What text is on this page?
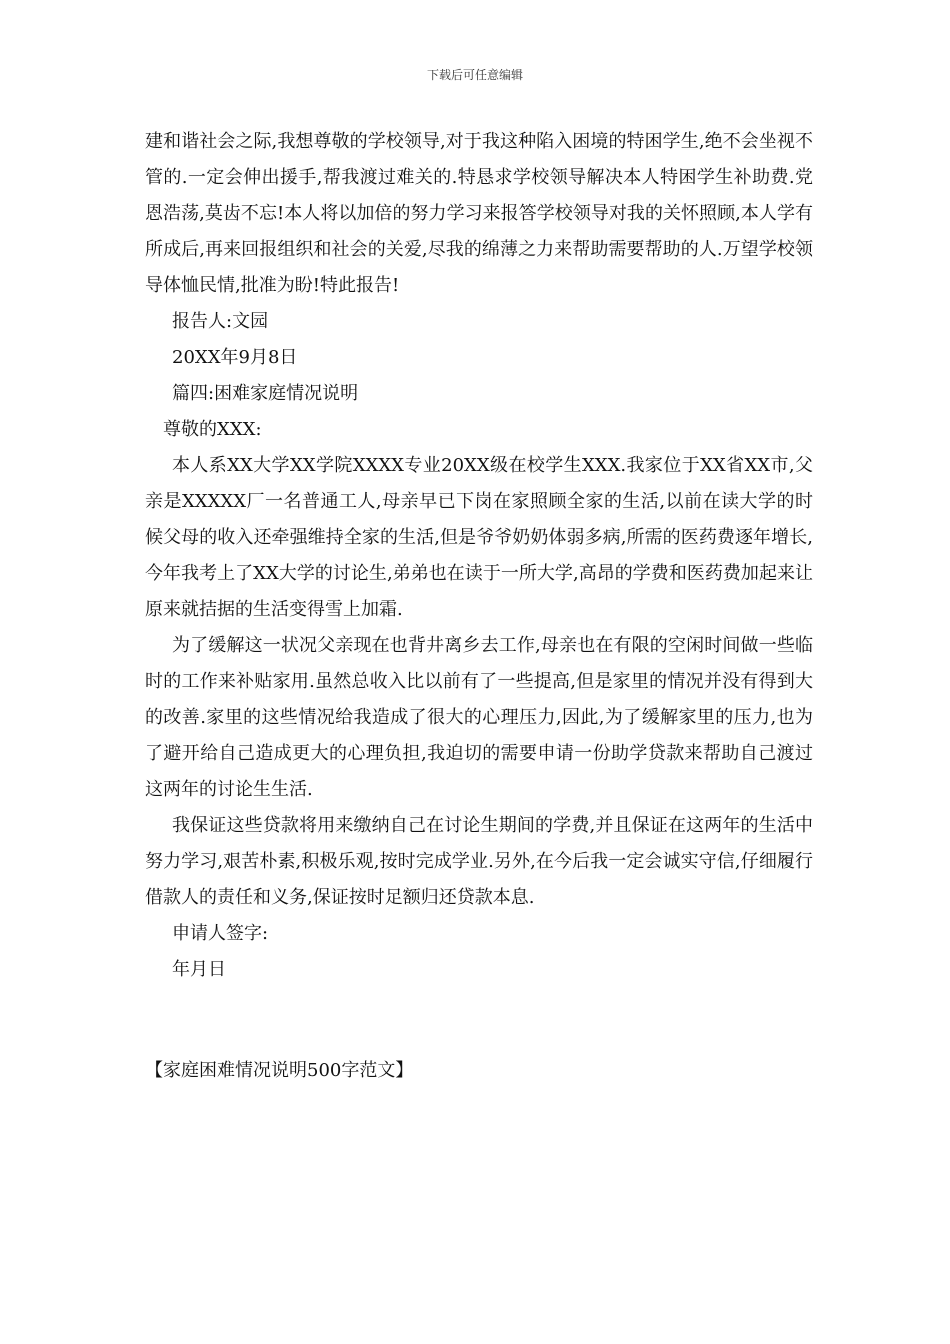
下载后可任意编辑

建和谐社会之际,我想尊敬的学校领导,对于我这种陷入困境的特困学生,绝不会坐视不管的.一定会伸出援手,帮我渡过难关的.特恳求学校领导解决本人特困学生补助费.党恩浩荡,莫齿不忘!本人将以加倍的努力学习来报答学校领导对我的关怀照顾,本人学有所成后,再来回报组织和社会的关爱,尽我的绵薄之力来帮助需要帮助的人.万望学校领导体恤民情,批准为盼!特此报告!

报告人:文园

20XX年9月8日

篇四:困难家庭情况说明

尊敬的XXX:

本人系XX大学XX学院XXXX专业20XX级在校学生XXX.我家位于XX省XX市,父亲是XXXXX厂一名普通工人,母亲早已下岗在家照顾全家的生活,以前在读大学的时候父母的收入还牵强维持全家的生活,但是爷爷奶奶体弱多病,所需的医药费逐年增长,今年我考上了XX大学的讨论生,弟弟也在读于一所大学,高昂的学费和医药费加起来让原来就拮据的生活变得雪上加霜.

为了缓解这一状况父亲现在也背井离乡去工作,母亲也在有限的空闲时间做一些临时的工作来补贴家用.虽然总收入比以前有了一些提高,但是家里的情况并没有得到大的改善.家里的这些情况给我造成了很大的心理压力,因此,为了缓解家里的压力,也为了避开给自己造成更大的心理负担,我迫切的需要申请一份助学贷款来帮助自己渡过这两年的讨论生生活.

我保证这些贷款将用来缴纳自己在讨论生期间的学费,并且保证在这两年的生活中努力学习,艰苦朴素,积极乐观,按时完成学业.另外,在今后我一定会诚实守信,仔细履行借款人的责任和义务,保证按时足额归还贷款本息.

申请人签字:

年月日

【家庭困难情况说明500字范文】
